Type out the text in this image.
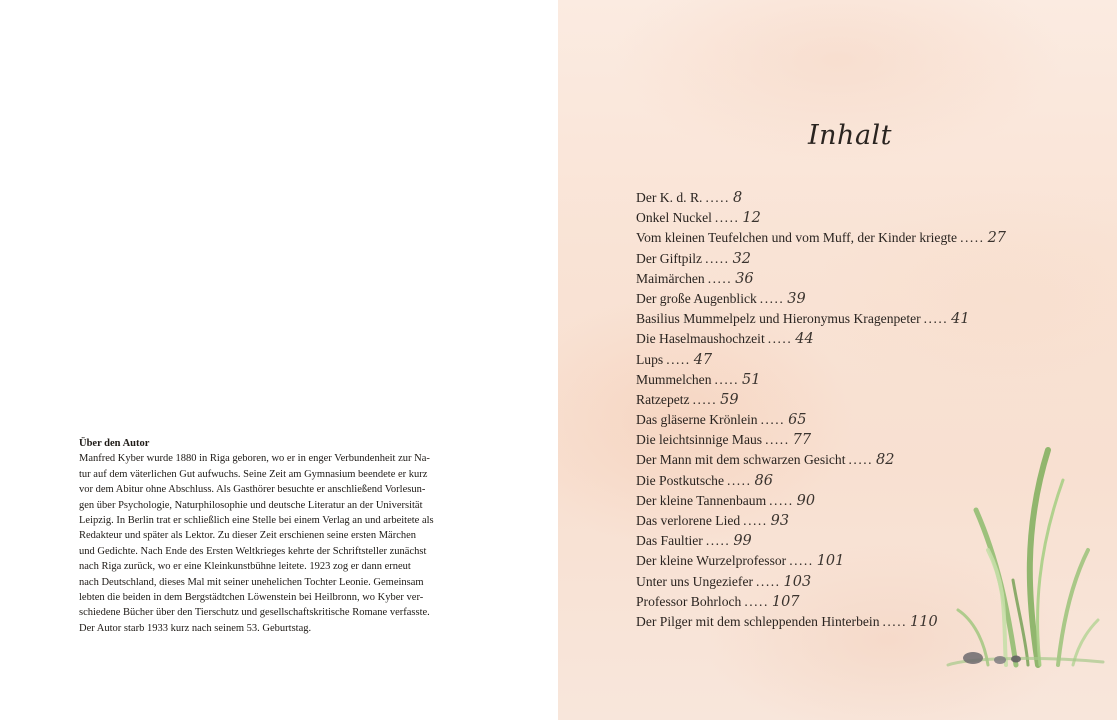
Über den Autor
Manfred Kyber wurde 1880 in Riga geboren, wo er in enger Verbundenheit zur Na-
tur auf dem väterlichen Gut aufwuchs. Seine Zeit am Gymnasium beendete er kurz
vor dem Abitur ohne Abschluss. Als Gasthörer besuchte er anschließend Vorlesun-
gen über Psychologie, Naturphilosophie und deutsche Literatur an der Universität
Leipzig. In Berlin trat er schließlich eine Stelle bei einem Verlag an und arbeitete als
Redakteur und später als Lektor. Zu dieser Zeit erschienen seine ersten Märchen
und Gedichte. Nach Ende des Ersten Weltkrieges kehrte der Schriftsteller zunächst
nach Riga zurück, wo er eine Kleinkunstbühne leitete. 1923 zog er dann erneut
nach Deutschland, dieses Mal mit seiner unehelichen Tochter Leonie. Gemeinsam
lebten die beiden in dem Bergstädtchen Löwenstein bei Heilbronn, wo Kyber ver-
schiedene Bücher über den Tierschutz und gesellschaftskritische Romane verfasste.
Der Autor starb 1933 kurz nach seinem 53. Geburtstag.
Inhalt
Der K. d. R. ..... 8
Onkel Nuckel ..... 12
Vom kleinen Teufelchen und vom Muff, der Kinder kriegte ..... 27
Der Giftpilz ..... 32
Maimärchen ..... 36
Der große Augenblick ..... 39
Basilius Mummelpelz und Hieronymus Kragenpeter ..... 41
Die Haselmaushochzeit ..... 44
Lups ..... 47
Mummelchen ..... 51
Ratzepetz ..... 59
Das gläserne Krönlein ..... 65
Die leichtsinnige Maus ..... 77
Der Mann mit dem schwarzen Gesicht ..... 82
Die Postkutsche ..... 86
Der kleine Tannenbaum ..... 90
Das verlorene Lied ..... 93
Das Faultier ..... 99
Der kleine Wurzelprofessor ..... 101
Unter uns Ungeziefer ..... 103
Professor Bohrloch ..... 107
Der Pilger mit dem schleppenden Hinterbein ..... 110
